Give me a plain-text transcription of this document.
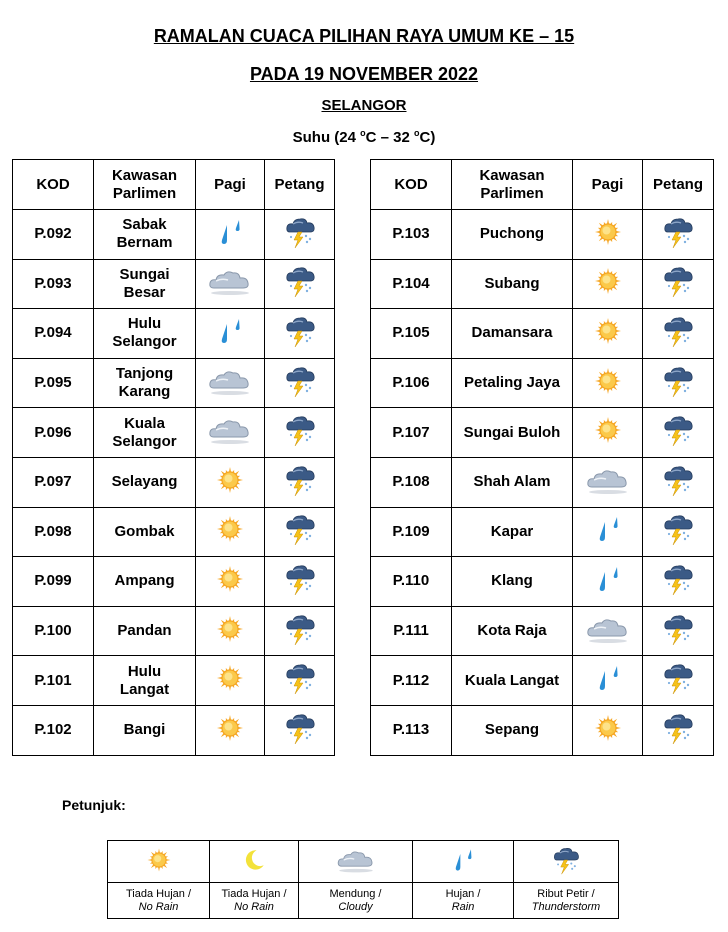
RAMALAN CUACA PILIHAN RAYA UMUM KE – 15
PADA 19 NOVEMBER 2022
SELANGOR
Suhu (24 $^o$C – 32 $^o$C)
KOD	Kawasan
Parlimen	Pagi	Petang
P.092	Sabak
Bernam		
P.093	Sungai
Besar		
P.094	Hulu
Selangor		
P.095	Tanjong
Karang		
P.096	Kuala
Selangor		
P.097	Selayang		
P.098	Gombak		
P.099	Ampang		
P.100	Pandan		
P.101	Hulu
Langat		
P.102	Bangi		
KOD	Kawasan
Parlimen	Pagi	Petang
P.103	Puchong		
P.104	Subang		
P.105	Damansara		
P.106	Petaling Jaya		
P.107	Sungai Buloh		
P.108	Shah Alam		
P.109	Kapar		
P.110	Klang		
P.111	Kota Raja		
P.112	Kuala Langat		
P.113	Sepang		
Petunjuk:

Tiada Hujan /
No Rain	Tiada Hujan /
No Rain	Mendung /
Cloudy	Hujan /
Rain	Ribut Petir /
Thunderstorm
